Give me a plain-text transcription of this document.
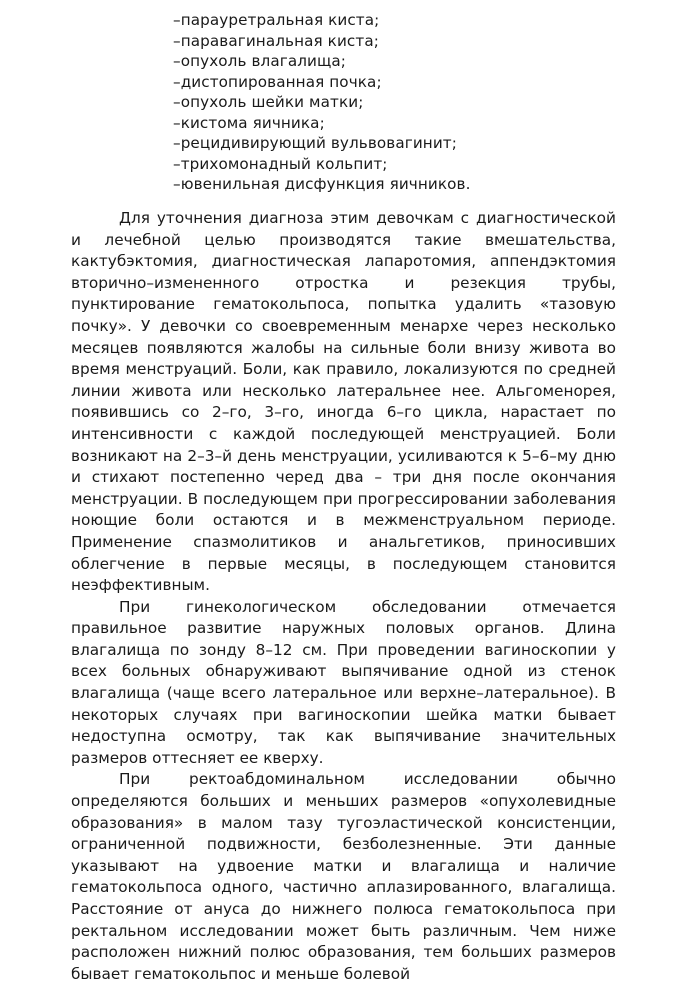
–парауретральная киста;
–паравагинальная киста;
–опухоль влагалища;
–дистопированная почка;
–опухоль шейки матки;
–кистома яичника;
–рецидивирующий вульвовагинит;
–трихомонадный кольпит;
–ювенильная дисфункция яичников.

Для уточнения диагноза этим девочкам с диагностической и лечебной целью производятся такие вмешательства, кактубэктомия, диагностическая лапаротомия, аппендэктомия вторично–измененного отростка и резекция трубы, пунктирование гематокольпоса, попытка удалить «тазовую почку». У девочки со своевременным менархе через несколько месяцев появляются жалобы на сильные боли внизу живота во время менструаций. Боли, как правило, локализуются по средней линии живота или несколько латеральнее нее. Альгоменорея, появившись со 2–го, 3–го, иногда 6–го цикла, нарастает по интенсивности с каждой последующей менструацией. Боли возникают на 2–3–й день менструации, усиливаются к 5–6–му дню и стихают постепенно черед два – три дня после окончания менструации. В последующем при прогрессировании заболевания ноющие боли остаются и в межменструальном периоде. Применение спазмолитиков и анальгетиков, приносивших облегчение в первые месяцы, в последующем становится неэффективным.

При гинекологическом обследовании отмечается правильное развитие наружных половых органов. Длина влагалища по зонду 8–12 см. При проведении вагиноскопии у всех больных обнаруживают выпячивание одной из стенок влагалища (чаще всего латеральное или верхне–латеральное). В некоторых случаях при вагиноскопии шейка матки бывает недоступна осмотру, так как выпячивание значительных размеров оттесняет ее кверху.

При ректоабдоминальном исследовании обычно определяются больших и меньших размеров «опухолевидные образования» в малом тазу тугоэластической консистенции, ограниченной подвижности, безболезненные. Эти данные указывают на удвоение матки и влагалища и наличие гематокольпоса одного, частично аплазированного, влагалища. Расстояние от ануса до нижнего полюса гематокольпоса при ректальном исследовании может быть различным. Чем ниже расположен нижний полюс образования, тем больших размеров бывает гематокольпос и меньше болевой
